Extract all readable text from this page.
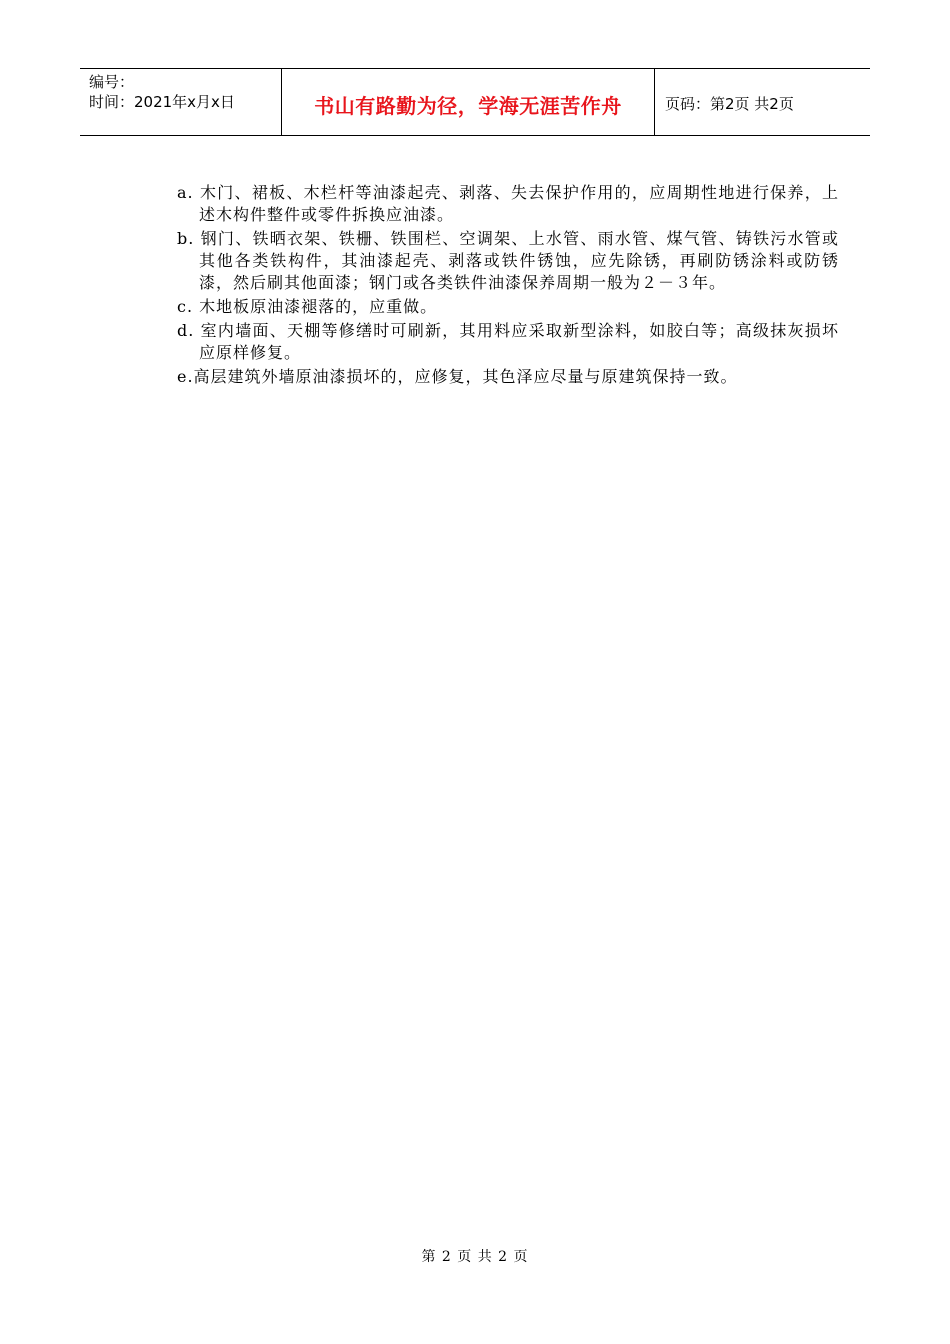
编号：
时间：2021年x月x日	书山有路勤为径，学海无涯苦作舟	页码：第2页 共2页

a. 木门、裙板、木栏杆等油漆起壳、剥落、失去保护作用的，应周期性地进行保养，上述木构件整件或零件拆换应油漆。

b. 钢门、铁晒衣架、铁栅、铁围栏、空调架、上水管、雨水管、煤气管、铸铁污水管或其他各类铁构件，其油漆起壳、剥落或铁件锈蚀，应先除锈，再刷防锈涂料或防锈漆，然后刷其他面漆；钢门或各类铁件油漆保养周期一般为２－３年。

c. 木地板原油漆褪落的，应重做。

d. 室内墙面、天棚等修缮时可刷新，其用料应采取新型涂料，如胶白等；高级抹灰损坏应原样修复。

e.高层建筑外墙原油漆损坏的，应修复，其色泽应尽量与原建筑保持一致。

第 2 页 共 2 页
